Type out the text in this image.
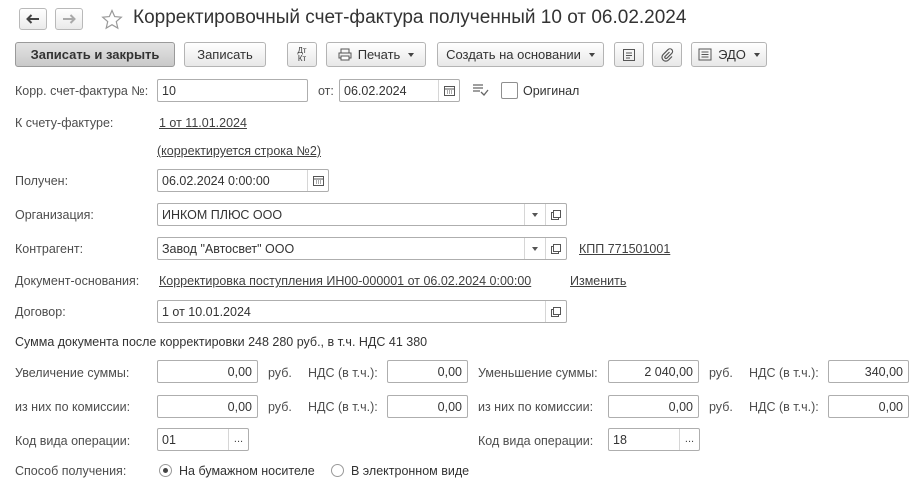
Корректировочный счет-фактура полученный 10 от 06.02.2024
Записать и закрыть	Записать	Дт
Кт	Печать	Создать на основании	ЭДО
Корр. счет-фактура №: 10	от: 06.02.2024	Оригинал
К счету-фактуре:	1 от 11.01.2024
(корректируется строка №2)
Получен:	06.02.2024 0:00:00
Организация:	ИНКОМ ПЛЮС ООО
Контрагент:	Завод "Автосвет" ООО	КПП 771501001
Документ-основания: Корректировка поступления ИН00-000001 от 06.02.2024 0:00:00	Изменить
Договор:	1 от 10.01.2024
Сумма документа после корректировки 248 280 руб., в т.ч. НДС 41 380
Увеличение суммы:	0,00 руб. НДС (в т.ч.):	0,00 Уменьшение суммы:	2 040,00 руб. НДС (в т.ч.):	340,00
из них по комиссии:	0,00 руб. НДС (в т.ч.):	0,00 из них по комиссии:	0,00 руб. НДС (в т.ч.):	0,00
Код вида операции:	01	...	Код вида операции: 18	...
Способ получения:	На бумажном носителе	В электронном виде
